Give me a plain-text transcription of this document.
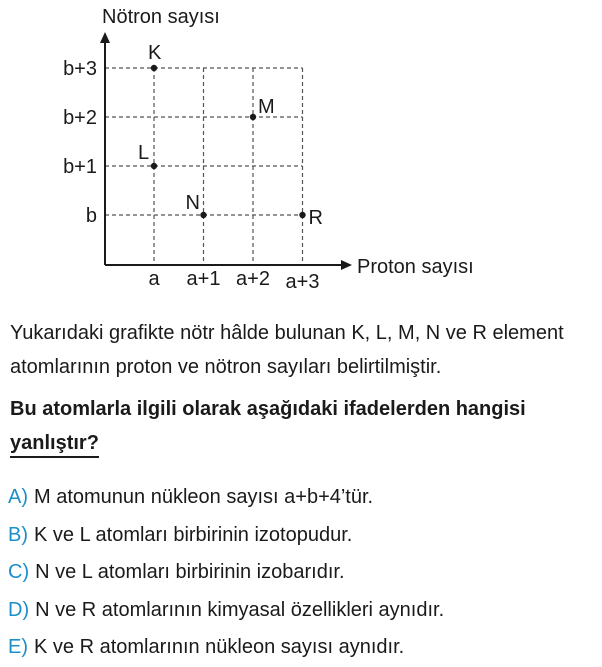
Nötron sayısı
Proton sayısı
a a+1 a+2 a+3
b
b+1
b+2
b+3
K
L
M
N
R

Yukarıdaki grafikte nötr hâlde bulunan K, L, M, N ve R element atomlarının proton ve nötron sayıları belirtilmiştir.

Bu atomlarla ilgili olarak aşağıdaki ifadelerden hangisi yanlıştır?

A) M atomunun nükleon sayısı a+b+4’tür.
B) K ve L atomları birbirinin izotopudur.
C) N ve L atomları birbirinin izobarıdır.
D) N ve R atomlarının kimyasal özellikleri aynıdır.
E) K ve R atomlarının nükleon sayısı aynıdır.
